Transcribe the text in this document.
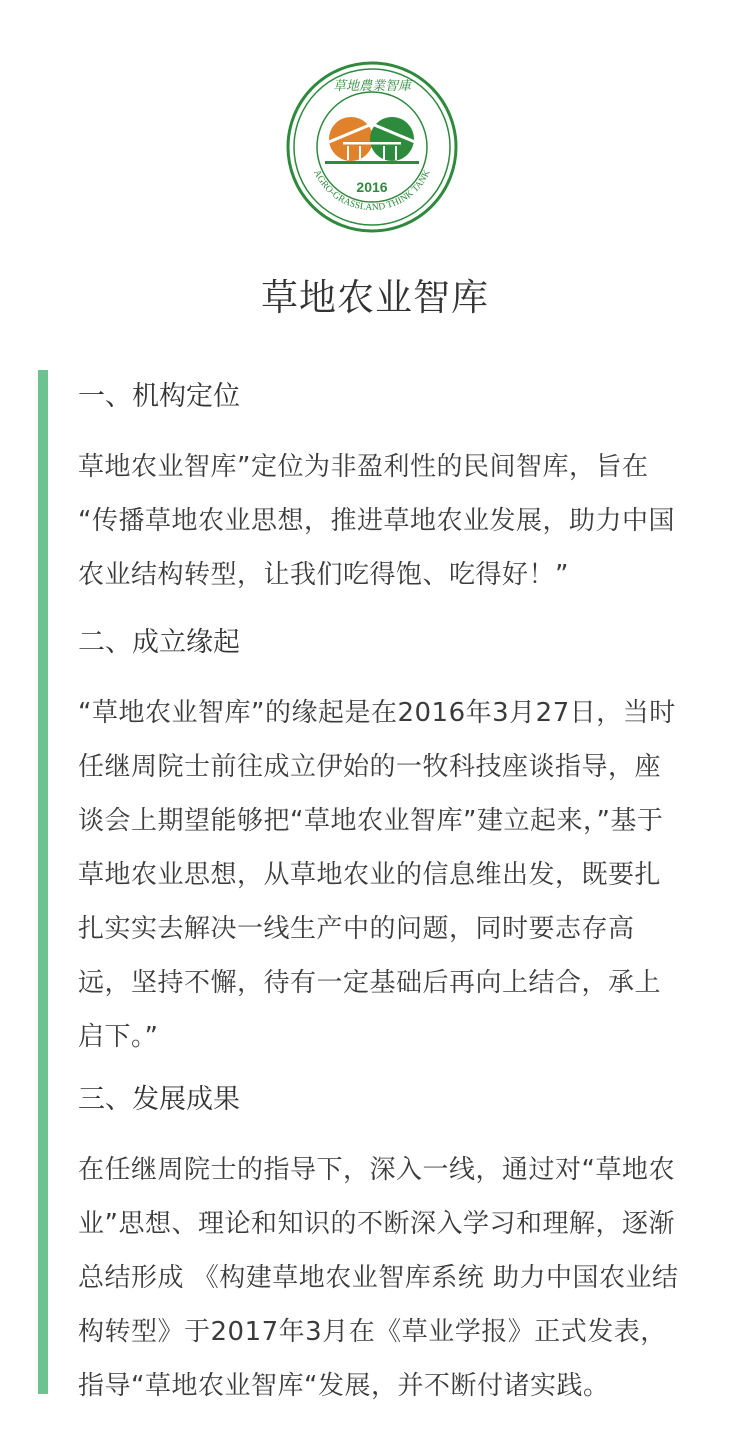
2016
草地農業智庫
AGRO-GRASSLAND THINK TANK
草地农业智库
一、机构定位
草地农业智库”定位为非盈利性的民间智库，旨在
“传播草地农业思想，推进草地农业发展，助力中国
农业结构转型，让我们吃得饱、吃得好！”
二、成立缘起
“草地农业智库”的缘起是在2016年3月27日，当时
任继周院士前往成立伊始的一牧科技座谈指导，座
谈会上期望能够把“草地农业智库”建立起来，”基于
草地农业思想，从草地农业的信息维出发，既要扎
扎实实去解决一线生产中的问题，同时要志存高
远，坚持不懈，待有一定基础后再向上结合，承上
启下。”
三、发展成果
在任继周院士的指导下，深入一线，通过对“草地农
业”思想、理论和知识的不断深入学习和理解，逐渐
总结形成 《构建草地农业智库系统 助力中国农业结
构转型》于2017年3月在《草业学报》正式发表，
指导“草地农业智库“发展，并不断付诸实践。
